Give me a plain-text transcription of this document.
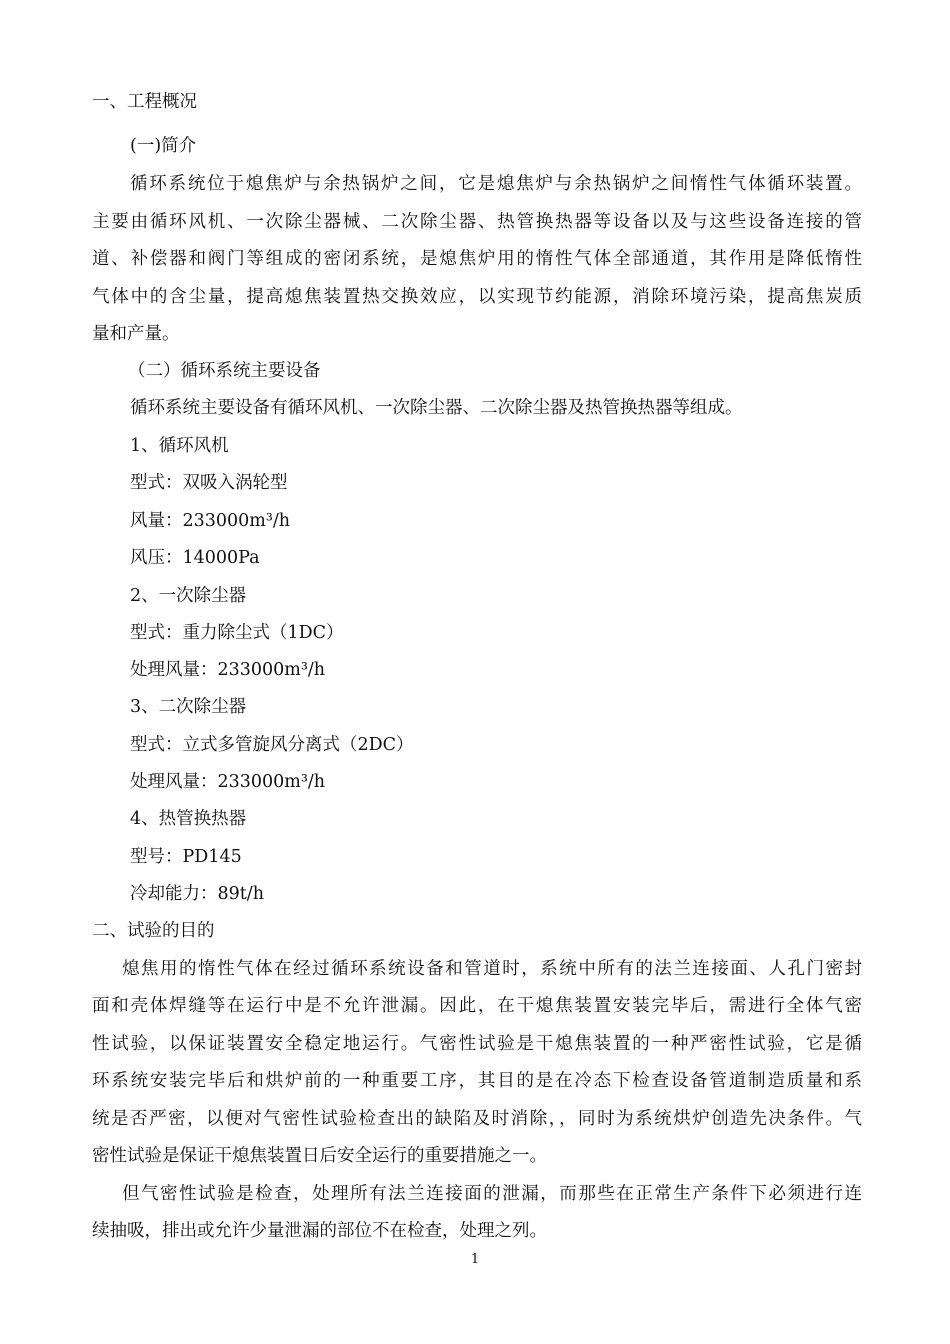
一、工程概况
(一)简介
循环系统位于熄焦炉与余热锅炉之间，它是熄焦炉与余热锅炉之间惰性气体循环装置。
主要由循环风机、一次除尘器械、二次除尘器、热管换热器等设备以及与这些设备连接的管
道、补偿器和阀门等组成的密闭系统，是熄焦炉用的惰性气体全部通道，其作用是降低惰性
气体中的含尘量，提高熄焦装置热交换效应，以实现节约能源，消除环境污染，提高焦炭质
量和产量。
（二）循环系统主要设备
循环系统主要设备有循环风机、一次除尘器、二次除尘器及热管换热器等组成。
1、循环风机
型式：双吸入涡轮型
风量：233000m³/h
风压：14000Pa
2、一次除尘器
型式：重力除尘式（1DC）
处理风量：233000m³/h
3、二次除尘器
型式：立式多管旋风分离式（2DC）
处理风量：233000m³/h
4、热管换热器
型号：PD145
冷却能力：89t/h
二、试验的目的
熄焦用的惰性气体在经过循环系统设备和管道时，系统中所有的法兰连接面、人孔门密封
面和壳体焊缝等在运行中是不允许泄漏。因此，在干熄焦装置安装完毕后，需进行全体气密
性试验，以保证装置安全稳定地运行。气密性试验是干熄焦装置的一种严密性试验，它是循
环系统安装完毕后和烘炉前的一种重要工序，其目的是在冷态下检查设备管道制造质量和系
统是否严密，以便对气密性试验检查出的缺陷及时消除，，同时为系统烘炉创造先决条件。气
密性试验是保证干熄焦装置日后安全运行的重要措施之一。
但气密性试验是检查，处理所有法兰连接面的泄漏，而那些在正常生产条件下必须进行连
续抽吸，排出或允许少量泄漏的部位不在检查，处理之列。
1
